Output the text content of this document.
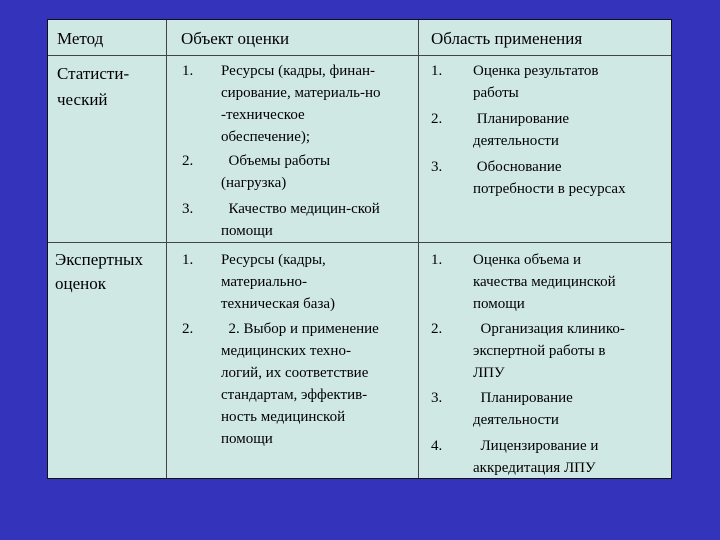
Метод	Объект оценки	Область применения
Статисти-
ческий
1. Ресурсы (кадры, финан-
сирование, материаль-но
-техническое
обеспечение);
2. Объемы работы
(нагрузка)
3. Качество медицин-ской
помощи
1. Оценка результатов
работы
2. Планирование
деятельности
3. Обоснование
потребности в ресурсах
Экспертных
оценок
1. Ресурсы (кадры,
материально-
техническая база)
2. 2. Выбор и применение
медицинских техно-
логий, их соответствие
стандартам, эффектив-
ность медицинской
помощи
1. Оценка объема и
качества медицинской
помощи
2. Организация клинико-
экспертной работы в
ЛПУ
3. Планирование
деятельности
4. Лицензирование и
аккредитация ЛПУ
